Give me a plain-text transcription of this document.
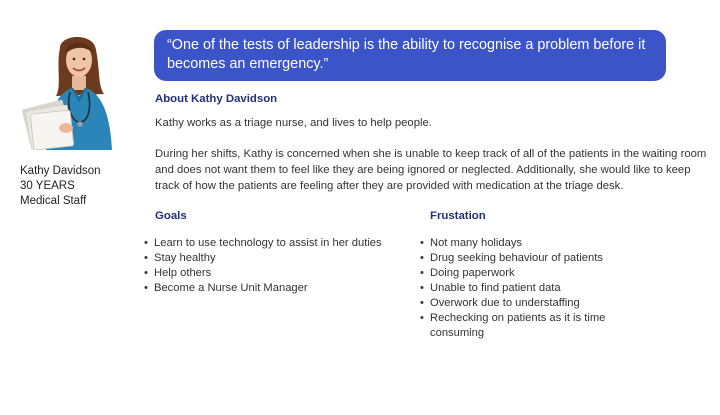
Kathy Davidson
30 YEARS
Medical Staff
“One of the tests of leadership is the ability to recognise a problem before it becomes an emergency.”
About Kathy Davidson

Kathy works as a triage nurse, and lives to help people.

During her shifts, Kathy is concerned when she is unable to keep track of all of the patients in the waiting room and does not want them to feel like they are being ignored or neglected. Additionally, she would like to keep track of how the patients are feeling after they are provided with medication at the triage desk.

Goals
• Learn to use technology to assist in her duties
• Stay healthy
• Help others
• Become a Nurse Unit Manager
Frustation
• Not many holidays
• Drug seeking behaviour of patients
• Doing paperwork
• Unable to find patient data
• Overwork due to understaffing
• Rechecking on patients as it is time consuming
